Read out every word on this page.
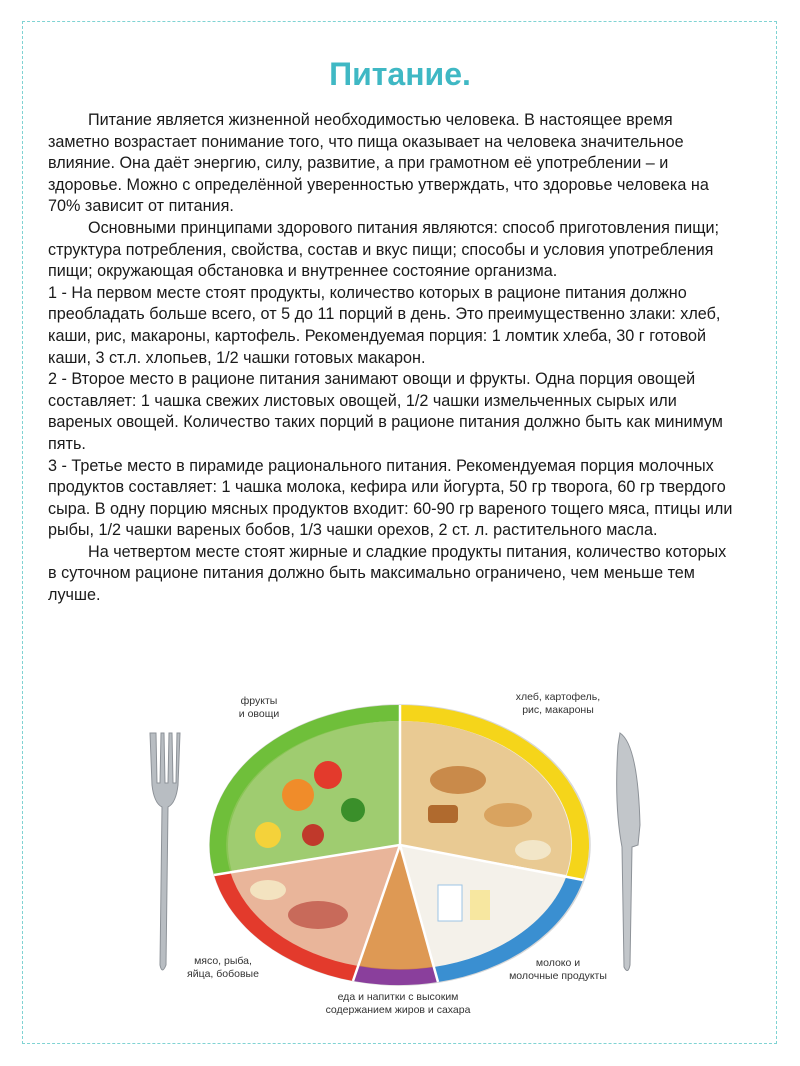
Питание.

Питание является жизненной необходимостью человека. В настоящее время заметно возрастает понимание того, что пища оказывает на человека значительное влияние. Она даёт энергию, силу, развитие, а при грамотном её употреблении – и здоровье. Можно с определённой уверенностью утверждать, что здоровье человека на 70% зависит от питания.

Основными принципами здорового питания являются: способ приготовления пищи; структура потребления, свойства, состав и вкус пищи; способы и условия употребления пищи; окружающая обстановка и внутреннее состояние организма.

1 - На первом месте стоят продукты, количество которых в рационе питания должно преобладать больше всего, от 5 до 11 порций в день. Это преимущественно злаки: хлеб, каши, рис, макароны, картофель. Рекомендуемая порция: 1 ломтик хлеба, 30 г готовой каши, 3 ст.л. хлопьев, 1/2 чашки готовых макарон.

2 - Второе место в рационе питания занимают овощи и фрукты. Одна порция овощей составляет: 1 чашка свежих листовых овощей, 1/2 чашки измельченных сырых или вареных овощей. Количество таких порций в рационе питания должно быть как минимум пять.

3 - Третье место в пирамиде рационального питания. Рекомендуемая порция молочных продуктов составляет: 1 чашка молока, кефира или йогурта, 50 гр творога, 60 гр твердого сыра. В одну порцию мясных продуктов входит: 60-90 гр вареного тощего мяса, птицы или рыбы, 1/2 чашки вареных бобов, 1/3 чашки орехов, 2 ст. л. растительного масла.

На четвертом месте стоят жирные и сладкие продукты питания, количество которых в суточном рационе питания должно быть максимально ограничено, чем меньше тем лучше.

фрукты
и овощи
хлеб, картофель,
рис, макароны
мясо, рыба,
яйца, бобовые
молоко и
молочные продукты
еда и напитки с высоким
содержанием жиров и сахара
